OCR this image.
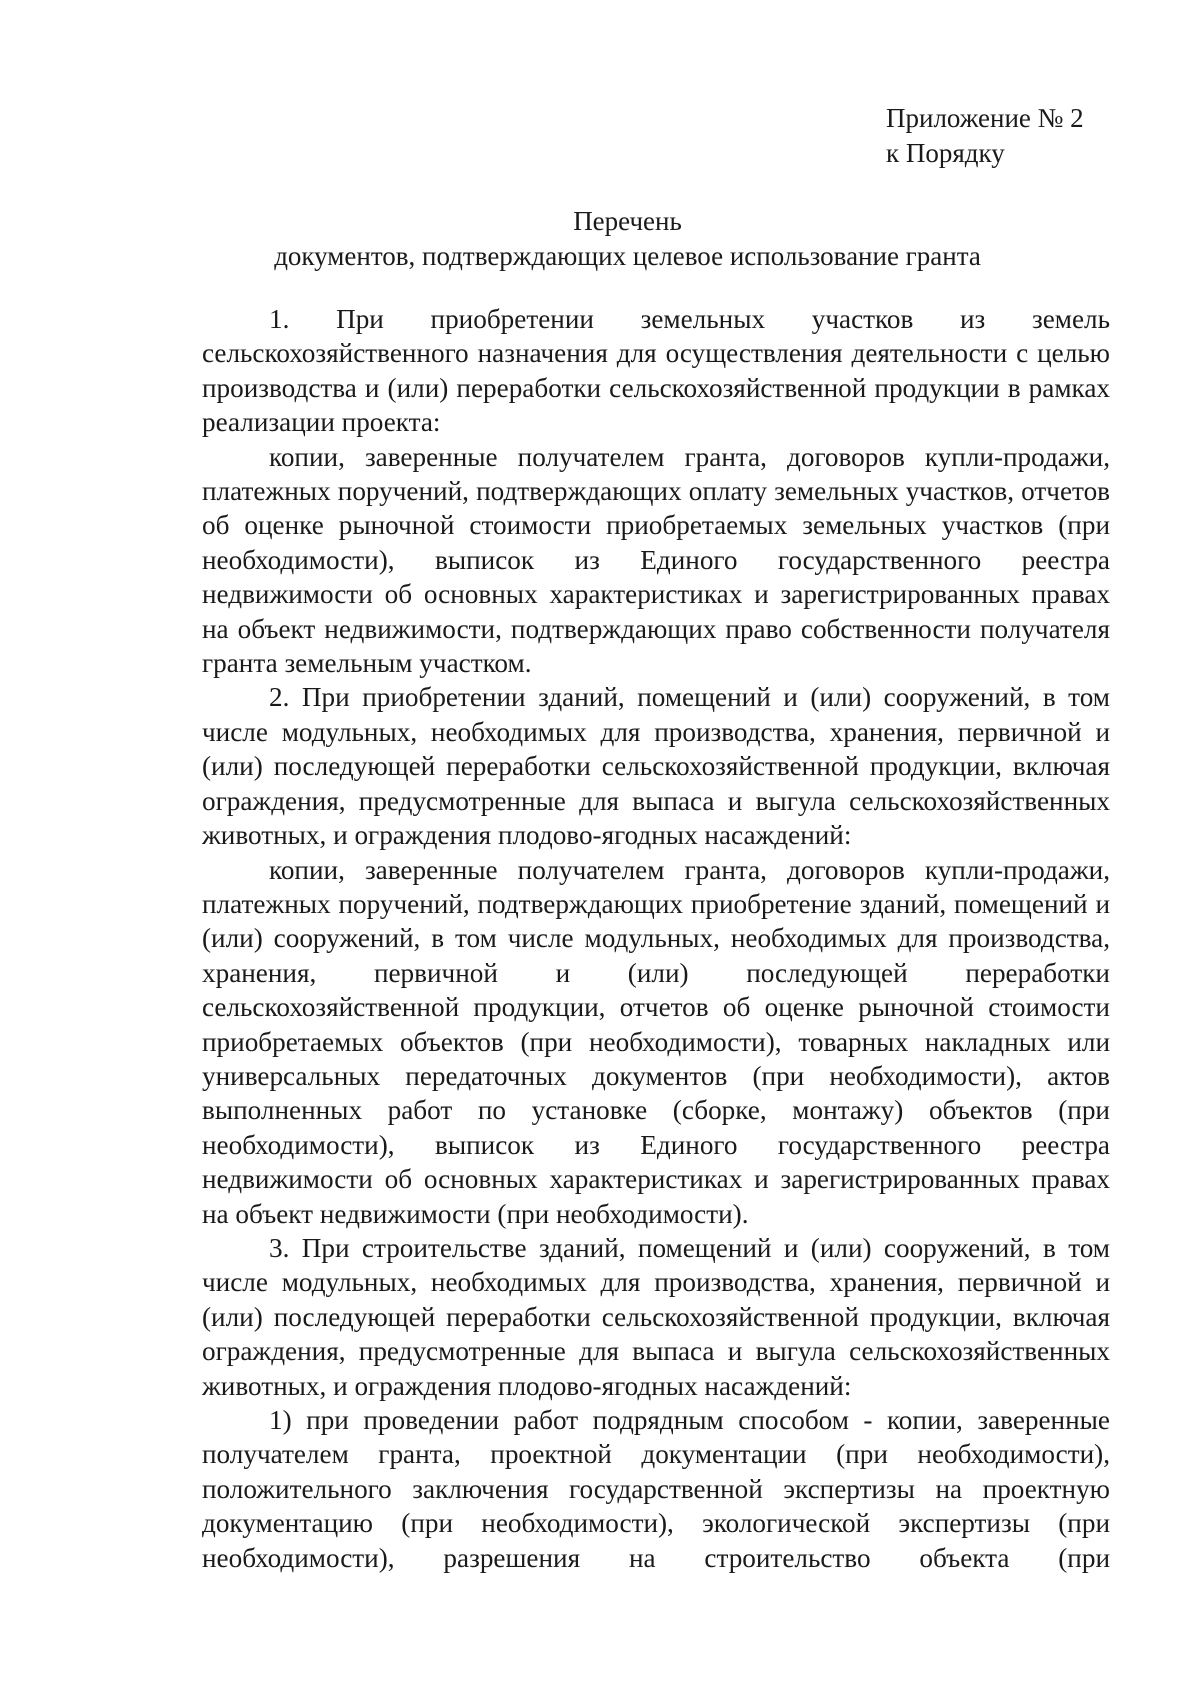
Приложение № 2
к Порядку
Перечень
документов, подтверждающих целевое использование гранта

1. При приобретении земельных участков из земель сельскохозяйственного назначения для осуществления деятельности с целью производства и (или) переработки сельскохозяйственной продукции в рамках реализации проекта:

копии, заверенные получателем гранта, договоров купли-продажи, платежных поручений, подтверждающих оплату земельных участков, отчетов об оценке рыночной стоимости приобретаемых земельных участков (при необходимости), выписок из Единого государственного реестра недвижимости об основных характеристиках и зарегистрированных правах на объект недвижимости, подтверждающих право собственности получателя гранта земельным участком.

2. При приобретении зданий, помещений и (или) сооружений, в том числе модульных, необходимых для производства, хранения, первичной и (или) последующей переработки сельскохозяйственной продукции, включая ограждения, предусмотренные для выпаса и выгула сельскохозяйственных животных, и ограждения плодово-ягодных насаждений:

копии, заверенные получателем гранта, договоров купли-продажи, платежных поручений, подтверждающих приобретение зданий, помещений и (или) сооружений, в том числе модульных, необходимых для производства, хранения, первичной и (или) последующей переработки сельскохозяйственной продукции, отчетов об оценке рыночной стоимости приобретаемых объектов (при необходимости), товарных накладных или универсальных передаточных документов (при необходимости), актов выполненных работ по установке (сборке, монтажу) объектов (при необходимости), выписок из Единого государственного реестра недвижимости об основных характеристиках и зарегистрированных правах на объект недвижимости (при необходимости).

3. При строительстве зданий, помещений и (или) сооружений, в том числе модульных, необходимых для производства, хранения, первичной и (или) последующей переработки сельскохозяйственной продукции, включая ограждения, предусмотренные для выпаса и выгула сельскохозяйственных животных, и ограждения плодово-ягодных насаждений:

1) при проведении работ подрядным способом - копии, заверенные получателем гранта, проектной документации (при необходимости), положительного заключения государственной экспертизы на проектную документацию (при необходимости), экологической экспертизы (при необходимости), разрешения на строительство объекта (при
